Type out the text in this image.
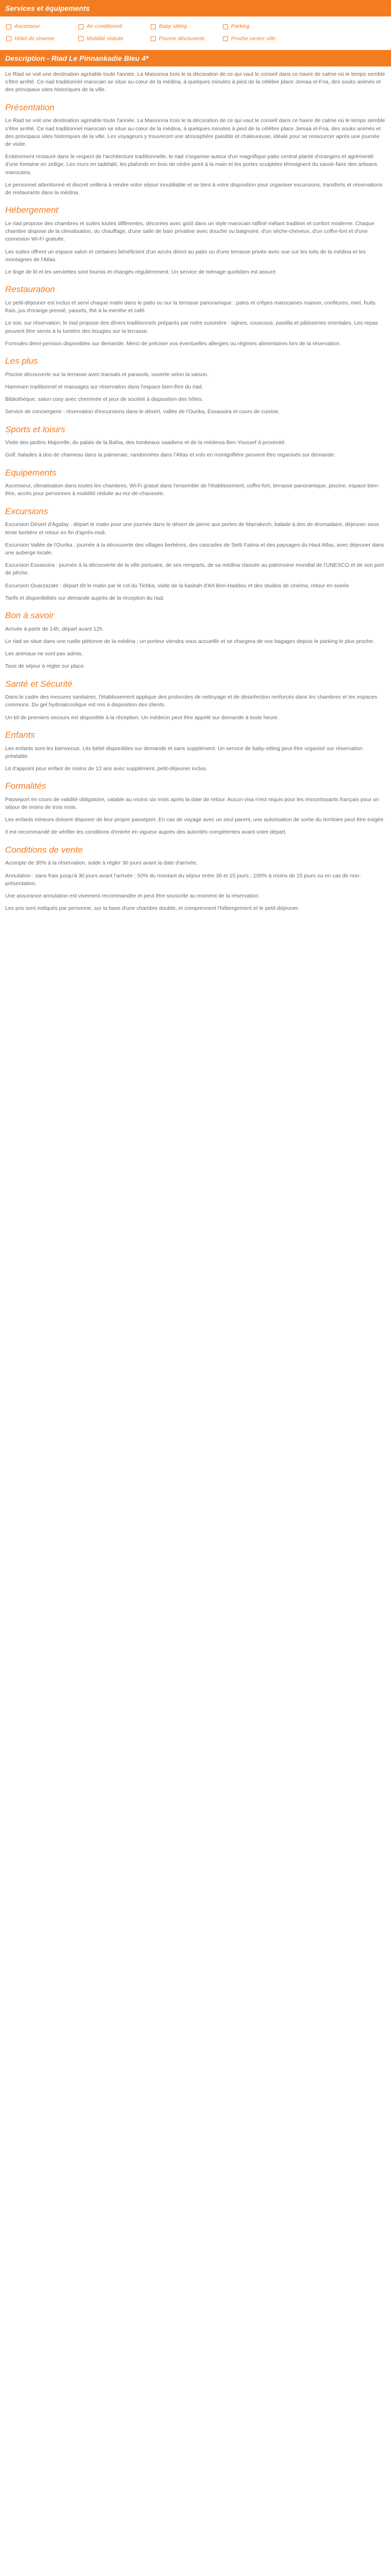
Services et équipements
Ascenseur	Air conditionné	Baby sitting	Parking
Hôtel de charme	Mobilité réduite	Piscine découverte	Proche centre ville
Description - Riad Le Pinnankadie Bleu 4*

Le Riad se voit une destination agréable toute l'année. La Maisonna trois le la décoration de ce qui vaut le conseil dans ce havre de calme où le temps semble s'être arrêté. Ce riad traditionnel marocain se situe au cœur de la médina, à quelques minutes à pied de la célèbre place Jemaa el-Fna, des souks animés et des principaux sites historiques de la ville.

Présentation

Le Riad se voit une destination agréable toute l'année. La Maisonna trois le la décoration de ce qui vaut le conseil dans ce havre de calme où le temps semble s'être arrêté. Ce riad traditionnel marocain se situe au cœur de la médina, à quelques minutes à pied de la célèbre place Jemaa el-Fna, des souks animés et des principaux sites historiques de la ville. Les voyageurs y trouveront une atmosphère paisible et chaleureuse, idéale pour se ressourcer après une journée de visite.

Entièrement restauré dans le respect de l'architecture traditionnelle, le riad s'organise autour d'un magnifique patio central planté d'orangers et agrémenté d'une fontaine en zellige. Les murs en tadelakt, les plafonds en bois de cèdre peint à la main et les portes sculptées témoignent du savoir-faire des artisans marocains.

Le personnel attentionné et discret veillera à rendre votre séjour inoubliable et se tient à votre disposition pour organiser excursions, transferts et réservations de restaurants dans la médina.

Hébergement

Le riad propose des chambres et suites toutes différentes, décorées avec goût dans un style marocain raffiné mêlant tradition et confort moderne. Chaque chambre dispose de la climatisation, du chauffage, d'une salle de bain privative avec douche ou baignoire, d'un sèche-cheveux, d'un coffre-fort et d'une connexion Wi-Fi gratuite.

Les suites offrent un espace salon et certaines bénéficient d'un accès direct au patio ou d'une terrasse privée avec vue sur les toits de la médina et les montagnes de l'Atlas.

Le linge de lit et les serviettes sont fournis et changés régulièrement. Un service de ménage quotidien est assuré.

Restauration

Le petit-déjeuner est inclus et servi chaque matin dans le patio ou sur la terrasse panoramique : pains et crêpes marocaines maison, confitures, miel, fruits frais, jus d'orange pressé, yaourts, thé à la menthe et café.

Le soir, sur réservation, le riad propose des dîners traditionnels préparés par notre cuisinière : tajines, couscous, pastilla et pâtisseries orientales. Les repas peuvent être servis à la lumière des bougies sur la terrasse.

Formules demi-pension disponibles sur demande. Merci de préciser vos éventuelles allergies ou régimes alimentaires lors de la réservation.

Les plus

Piscine découverte sur la terrasse avec transats et parasols, ouverte selon la saison.

Hammam traditionnel et massages sur réservation dans l'espace bien-être du riad.

Bibliothèque, salon cosy avec cheminée et jeux de société à disposition des hôtes.

Service de conciergerie : réservation d'excursions dans le désert, vallée de l'Ourika, Essaouira et cours de cuisine.

Sports et loisirs

Visite des jardins Majorelle, du palais de la Bahia, des tombeaux saadiens et de la médersa Ben Youssef à proximité.

Golf, balades à dos de chameau dans la palmeraie, randonnées dans l'Atlas et vols en montgolfière peuvent être organisés sur demande.

Equipements

Ascenseur, climatisation dans toutes les chambres, Wi-Fi gratuit dans l'ensemble de l'établissement, coffre-fort, terrasse panoramique, piscine, espace bien-être, accès pour personnes à mobilité réduite au rez-de-chaussée.

Excursions

Excursion Désert d'Agafay : départ le matin pour une journée dans le désert de pierre aux portes de Marrakech, balade à dos de dromadaire, déjeuner sous tente berbère et retour en fin d'après-midi.

Excursion Vallée de l'Ourika : journée à la découverte des villages berbères, des cascades de Setti Fatma et des paysages du Haut Atlas, avec déjeuner dans une auberge locale.

Excursion Essaouira : journée à la découverte de la ville portuaire, de ses remparts, de sa médina classée au patrimoine mondial de l'UNESCO et de son port de pêche.

Excursion Ouarzazate : départ tôt le matin par le col du Tichka, visite de la kasbah d'Aït-Ben-Haddou et des studios de cinéma, retour en soirée.

Tarifs et disponibilités sur demande auprès de la réception du riad.

Bon à savoir

Arrivée à partir de 14h, départ avant 12h.

Le riad se situe dans une ruelle piétonne de la médina ; un porteur viendra vous accueillir et se chargera de vos bagages depuis le parking le plus proche.

Les animaux ne sont pas admis.

Taxe de séjour à régler sur place.

Santé et Sécurité

Dans le cadre des mesures sanitaires, l'établissement applique des protocoles de nettoyage et de désinfection renforcés dans les chambres et les espaces communs. Du gel hydroalcoolique est mis à disposition des clients.

Un kit de premiers secours est disponible à la réception. Un médecin peut être appelé sur demande à toute heure.

Enfants

Les enfants sont les bienvenus. Lits bébé disponibles sur demande et sans supplément. Un service de baby-sitting peut être organisé sur réservation préalable.

Lit d'appoint pour enfant de moins de 12 ans avec supplément, petit-déjeuner inclus.

Formalités

Passeport en cours de validité obligatoire, valable au moins six mois après la date de retour. Aucun visa n'est requis pour les ressortissants français pour un séjour de moins de trois mois.

Les enfants mineurs doivent disposer de leur propre passeport. En cas de voyage avec un seul parent, une autorisation de sortie du territoire peut être exigée.

Il est recommandé de vérifier les conditions d'entrée en vigueur auprès des autorités compétentes avant votre départ.

Conditions de vente

Acompte de 30% à la réservation, solde à régler 30 jours avant la date d'arrivée.

Annulation : sans frais jusqu'à 30 jours avant l'arrivée ; 50% du montant du séjour entre 30 et 15 jours ; 100% à moins de 15 jours ou en cas de non-présentation.

Une assurance annulation est vivement recommandée et peut être souscrite au moment de la réservation.

Les prix sont indiqués par personne, sur la base d'une chambre double, et comprennent l'hébergement et le petit-déjeuner.
